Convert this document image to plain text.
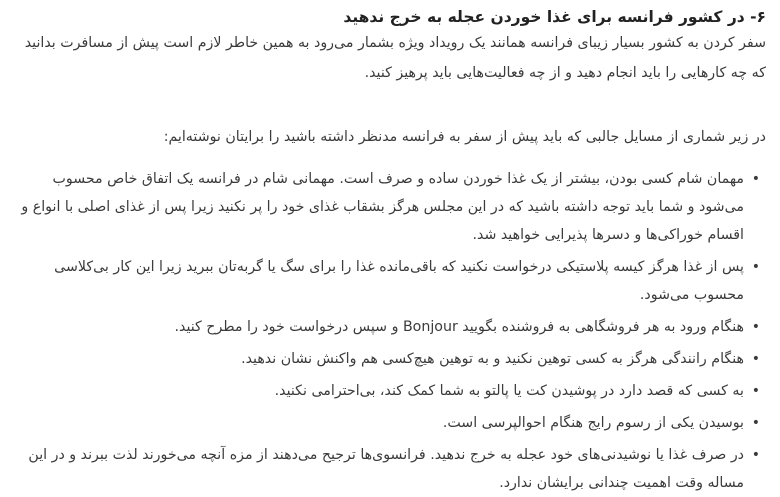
۶- در کشور فرانسه برای غذا خوردن عجله به خرج ندهید

سفر کردن به کشور بسیار زیبای فرانسه همانند یک رویداد ویژه بشمار می‌رود به همین خاطر لازم است پیش از مسافرت بدانید که چه کارهایی را باید انجام دهید و از چه فعالیت‌هایی باید پرهیز کنید.

در زیر شماری از مسایل جالبی که باید پیش از سفر به فرانسه مدنظر داشته باشید را برایتان نوشته‌ایم:

•
مهمان شام کسی بودن، بیشتر از یک غذا خوردن ساده و صرف است. مهمانی شام در فرانسه یک اتفاق خاص محسوب می‌شود و شما باید توجه داشته باشید که در این مجلس هرگز بشقاب غذای خود را پر نکنید زیرا پس از غذای اصلی با انواع و اقسام خوراکی‌ها و دسرها پذیرایی خواهید شد.
•
پس از غذا هرگز کیسه پلاستیکی درخواست نکنید که باقی‌مانده غذا را برای سگ یا گربه‌تان ببرید زیرا این کار بی‌کلاسی محسوب می‌شود.
•
هنگام ورود به هر فروشگاهی به فروشنده بگویید Bonjour و سپس درخواست خود را مطرح کنید.
•
هنگام رانندگی هرگز به کسی توهین نکنید و به توهین هیچ‌کسی هم واکنش نشان ندهید.
•
به کسی که قصد دارد در پوشیدن کت یا پالتو به شما کمک کند، بی‌احترامی نکنید.
•
بوسیدن یکی از رسوم رایج هنگام احوالپرسی است.
•
در صرف غذا یا نوشیدنی‌های خود عجله به خرج ندهید. فرانسوی‌ها ترجیح می‌دهند از مزه آنچه می‌خورند لذت ببرند و در این مساله وقت اهمیت چندانی برایشان ندارد.
